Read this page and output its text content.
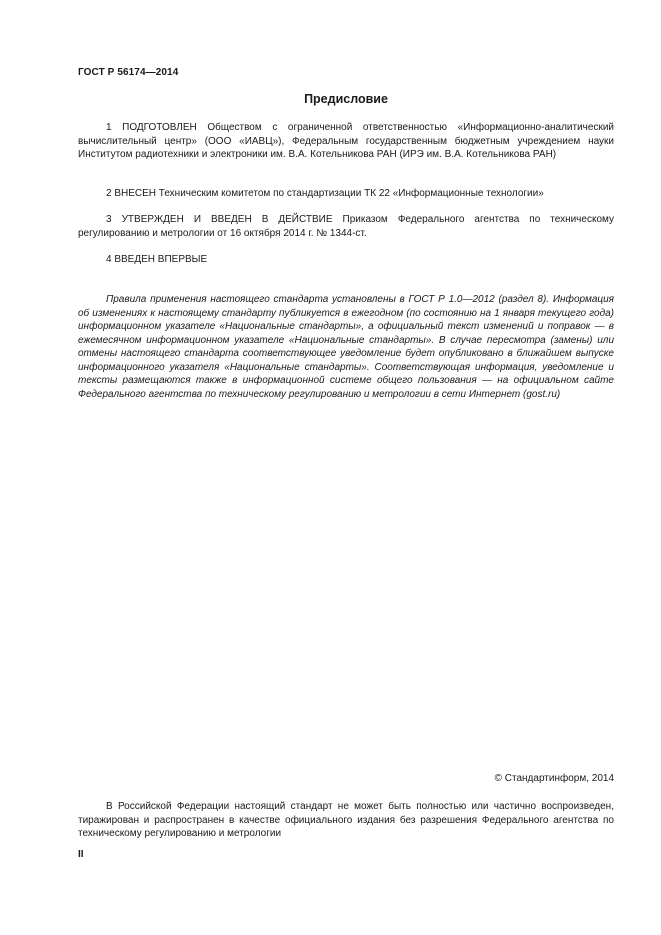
ГОСТ Р 56174—2014
Предисловие

1 ПОДГОТОВЛЕН Обществом с ограниченной ответственностью «Информационно-аналитический вычислительный центр» (ООО «ИАВЦ»), Федеральным государственным бюджетным учреждением науки Институтом радиотехники и электроники им. В.А. Котельникова РАН (ИРЭ им. В.А. Котельникова РАН)

2 ВНЕСЕН Техническим комитетом по стандартизации ТК 22 «Информационные технологии»

3 УТВЕРЖДЕН И ВВЕДЕН В ДЕЙСТВИЕ Приказом Федерального агентства по техническому регулированию и метрологии от 16 октября 2014 г. № 1344-ст.

4 ВВЕДЕН ВПЕРВЫЕ

Правила применения настоящего стандарта установлены в ГОСТ Р 1.0—2012 (раздел 8). Информация об изменениях к настоящему стандарту публикуется в ежегодном (по состоянию на 1 января текущего года) информационном указателе «Национальные стандарты», а официальный текст изменений и поправок — в ежемесячном информационном указателе «Национальные стандарты». В случае пересмотра (замены) или отмены настоящего стандарта соответствующее уведомление будет опубликовано в ближайшем выпуске информационного указателя «Национальные стандарты». Соответствующая информация, уведомление и тексты размещаются также в информационной системе общего пользования — на официальном сайте Федерального агентства по техническому регулированию и метрологии в сети Интернет (gost.ru)

© Стандартинформ, 2014

В Российской Федерации настоящий стандарт не может быть полностью или частично воспроизведен, тиражирован и распространен в качестве официального издания без разрешения Федерального агентства по техническому регулированию и метрологии

II
